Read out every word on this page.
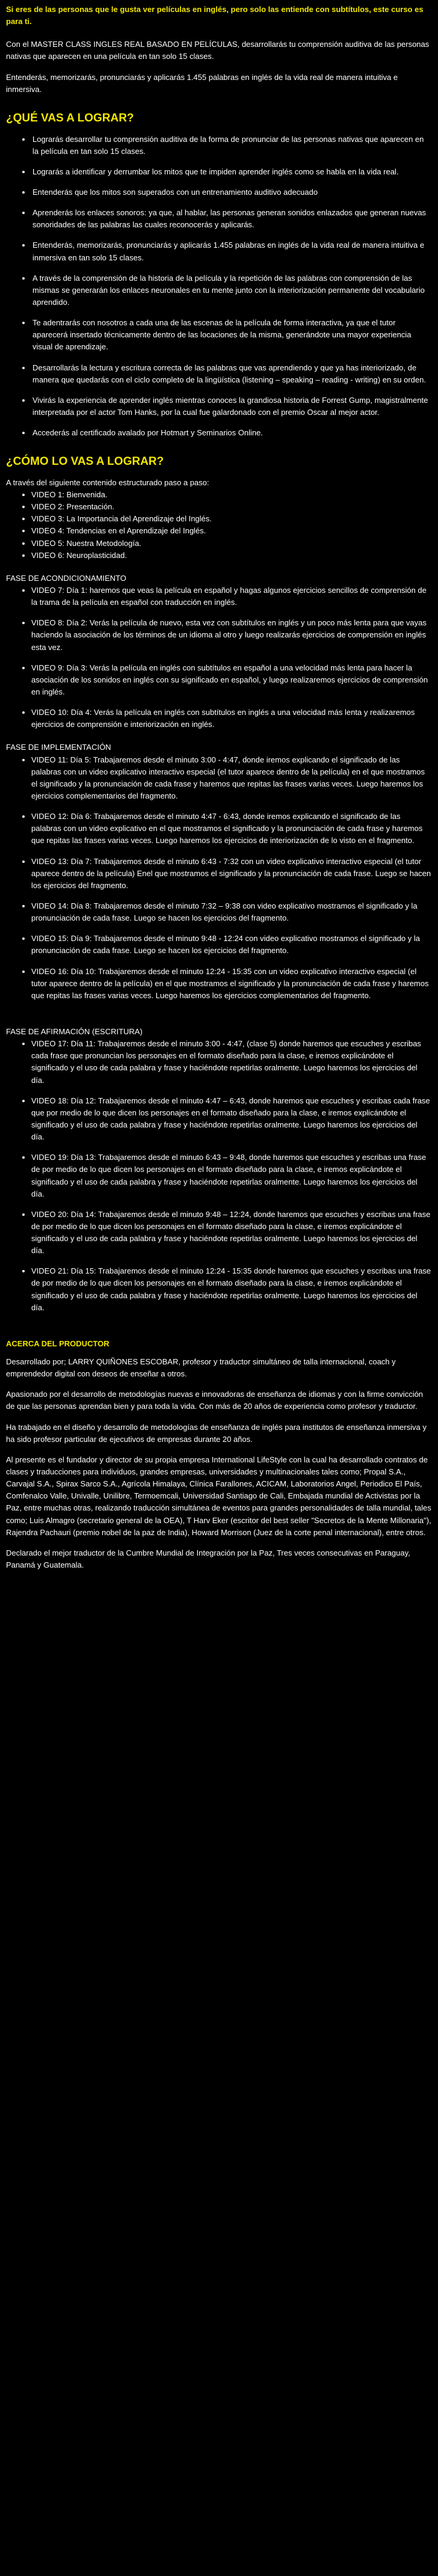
Si eres de las personas que le gusta ver películas en inglés, pero solo las entiende con subtítulos, este curso es para ti.

Con el MASTER CLASS INGLES REAL BASADO EN PELÍCULAS, desarrollarás tu comprensión auditiva de las personas nativas que aparecen en una película en tan solo 15 clases.

Entenderás, memorizarás, pronunciarás y aplicarás 1.455 palabras en inglés de la vida real de manera intuitiva e inmersiva.

¿QUÉ VAS A LOGRAR?
• Lograrás desarrollar tu comprensión auditiva de la forma de pronunciar de las personas nativas que aparecen en la película en tan solo 15 clases.
• Lograrás a identificar y derrumbar los mitos que te impiden aprender inglés como se habla en la vida real.
• Entenderás que los mitos son superados con un entrenamiento auditivo adecuado
• Aprenderás los enlaces sonoros: ya que, al hablar, las personas generan sonidos enlazados que generan nuevas sonoridades de las palabras las cuales reconocerás y aplicarás.
• Entenderás, memorizarás, pronunciarás y aplicarás 1.455 palabras en inglés de la vida real de manera intuitiva e inmersiva en tan solo 15 clases.
• A través de la comprensión de la historia de la película y la repetición de las palabras con comprensión de las mismas se generarán los enlaces neuronales en tu mente junto con la interiorización permanente del vocabulario aprendido.
• Te adentrarás con nosotros a cada una de las escenas de la película de forma interactiva, ya que el tutor aparecerá insertado técnicamente dentro de las locaciones de la misma, generándote una mayor experiencia visual de aprendizaje.
• Desarrollarás la lectura y escritura correcta de las palabras que vas aprendiendo y que ya has interiorizado, de manera que quedarás con el ciclo completo de la lingüística (listening – speaking – reading - writing) en su orden.
• Vivirás la experiencia de aprender inglés mientras conoces la grandiosa historia de Forrest Gump, magistralmente interpretada por el actor Tom Hanks, por la cual fue galardonado con el premio Oscar al mejor actor.
• Accederás al certificado avalado por Hotmart y Seminarios Online.
¿CÓMO LO VAS A LOGRAR?
A través del siguiente contenido estructurado paso a paso:
• VIDEO 1: Bienvenida.
• VIDEO 2: Presentación.
• VIDEO 3: La Importancia del Aprendizaje del Inglés.
• VIDEO 4: Tendencias en el Aprendizaje del Inglés.
• VIDEO 5: Nuestra Metodología.
• VIDEO 6: Neuroplasticidad.
FASE DE ACONDICIONAMIENTO
• VIDEO 7: Día 1: haremos que veas la película en español y hagas algunos ejercicios sencillos de comprensión de la trama de la película en español con traducción en inglés.
• VIDEO 8: Día 2: Verás la película de nuevo, esta vez con subtítulos en inglés y un poco más lenta para que vayas haciendo la asociación de los términos de un idioma al otro y luego realizarás ejercicios de comprensión en inglés esta vez.
• VIDEO 9: Día 3: Verás la película en inglés con subtítulos en español a una velocidad más lenta para hacer la asociación de los sonidos en inglés con su significado en español, y luego realizaremos ejercicios de comprensión en inglés.
• VIDEO 10: Día 4: Verás la película en inglés con subtítulos en inglés a una velocidad más lenta y realizaremos ejercicios de comprensión e interiorización en inglés.
FASE DE IMPLEMENTACIÓN
• VIDEO 11: Día 5: Trabajaremos desde el minuto 3:00 - 4:47, donde iremos explicando el significado de las palabras con un video explicativo interactivo especial (el tutor aparece dentro de la película) en el que mostramos el significado y la pronunciación de cada frase y haremos que repitas las frases varias veces. Luego haremos los ejercicios complementarios del fragmento.
• VIDEO 12: Día 6: Trabajaremos desde el minuto 4:47 - 6:43, donde iremos explicando el significado de las palabras con un video explicativo en el que mostramos el significado y la pronunciación de cada frase y haremos que repitas las frases varias veces. Luego haremos los ejercicios de interiorización de lo visto en el fragmento.
• VIDEO 13: Día 7: Trabajaremos desde el minuto 6:43 - 7:32 con un video explicativo interactivo especial (el tutor aparece dentro de la película) Enel que mostramos el significado y la pronunciación de cada frase. Luego se hacen los ejercicios del fragmento.
• VIDEO 14: Día 8: Trabajaremos desde el minuto 7:32 – 9:38 con video explicativo mostramos el significado y la pronunciación de cada frase. Luego se hacen los ejercicios del fragmento.
• VIDEO 15: Día 9: Trabajaremos desde el minuto 9:48 - 12:24 con video explicativo mostramos el significado y la pronunciación de cada frase. Luego se hacen los ejercicios del fragmento.
• VIDEO 16: Día 10: Trabajaremos desde el minuto 12:24 - 15:35 con un video explicativo interactivo especial (el tutor aparece dentro de la película) en el que mostramos el significado y la pronunciación de cada frase y haremos que repitas las frases varias veces. Luego haremos los ejercicios complementarios del fragmento.
FASE DE AFIRMACIÓN (ESCRITURA)
• VIDEO 17: Día 11: Trabajaremos desde el minuto 3:00 - 4:47, (clase 5) donde haremos que escuches y escribas cada frase que pronuncian los personajes en el formato diseñado para la clase, e iremos explicándote el significado y el uso de cada palabra y frase y haciéndote repetirlas oralmente. Luego haremos los ejercicios del día.
• VIDEO 18: Día 12: Trabajaremos desde el minuto 4:47 – 6:43, donde haremos que escuches y escribas cada frase que por medio de lo que dicen los personajes en el formato diseñado para la clase, e iremos explicándote el significado y el uso de cada palabra y frase y haciéndote repetirlas oralmente. Luego haremos los ejercicios del día.
• VIDEO 19: Día 13: Trabajaremos desde el minuto 6:43 – 9:48, donde haremos que escuches y escribas una frase de por medio de lo que dicen los personajes en el formato diseñado para la clase, e iremos explicándote el significado y el uso de cada palabra y frase y haciéndote repetirlas oralmente. Luego haremos los ejercicios del día.
• VIDEO 20: Día 14: Trabajaremos desde el minuto 9:48 – 12:24, donde haremos que escuches y escribas una frase de por medio de lo que dicen los personajes en el formato diseñado para la clase, e iremos explicándote el significado y el uso de cada palabra y frase y haciéndote repetirlas oralmente. Luego haremos los ejercicios del día.
• VIDEO 21: Día 15: Trabajaremos desde el minuto 12:24 - 15:35 donde haremos que escuches y escribas una frase de por medio de lo que dicen los personajes en el formato diseñado para la clase, e iremos explicándote el significado y el uso de cada palabra y frase y haciéndote repetirlas oralmente. Luego haremos los ejercicios del día.
ACERCA DEL PRODUCTOR

Desarrollado por; LARRY QUIÑONES ESCOBAR, profesor y traductor simultáneo de talla internacional, coach y emprendedor digital con deseos de enseñar a otros.

Apasionado por el desarrollo de metodologías nuevas e innovadoras de enseñanza de idiomas y con la firme convicción de que las personas aprendan bien y para toda la vida. Con más de 20 años de experiencia como profesor y traductor.

Ha trabajado en el diseño y desarrollo de metodologías de enseñanza de inglés para institutos de enseñanza inmersiva y ha sido profesor particular de ejecutivos de empresas durante 20 años.

Al presente es el fundador y director de su propia empresa International LifeStyle con la cual ha desarrollado contratos de clases y traducciones para individuos, grandes empresas, universidades y multinacionales tales como; Propal S.A., Carvajal S.A., Spirax Sarco S.A., Agrícola Himalaya, Clínica Farallones, ACICAM, Laboratorios Angel, Periodico El País, Comfenalco Valle, Univalle, Unilibre, Termoemcali, Universidad Santiago de Cali, Embajada mundial de Activistas por la Paz, entre muchas otras, realizando traducción simultánea de eventos para grandes personalidades de talla mundial, tales como; Luis Almagro (secretario general de la OEA), T Harv Eker (escritor del best seller "Secretos de la Mente Millonaria"), Rajendra Pachauri (premio nobel de la paz de India), Howard Morrison (Juez de la corte penal internacional), entre otros.

Declarado el mejor traductor de la Cumbre Mundial de Integración por la Paz, Tres veces consecutivas en Paraguay, Panamá y Guatemala.
